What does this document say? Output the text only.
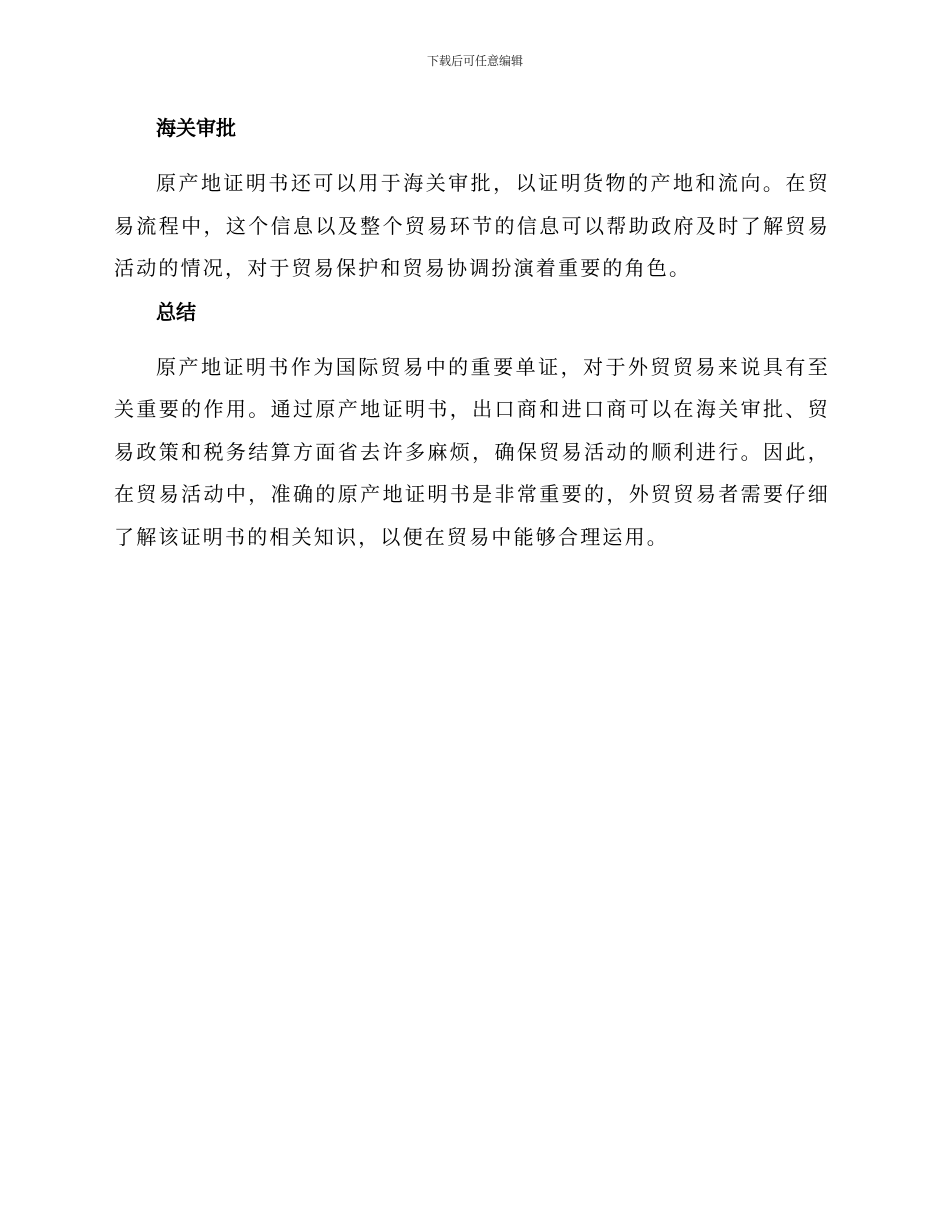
下载后可任意编辑
海关审批

原产地证明书还可以用于海关审批，以证明货物的产地和流向。在贸易流程中，这个信息以及整个贸易环节的信息可以帮助政府及时了解贸易活动的情况，对于贸易保护和贸易协调扮演着重要的角色。

总结

原产地证明书作为国际贸易中的重要单证，对于外贸贸易来说具有至关重要的作用。通过原产地证明书，出口商和进口商可以在海关审批、贸易政策和税务结算方面省去许多麻烦，确保贸易活动的顺利进行。因此，在贸易活动中，准确的原产地证明书是非常重要的，外贸贸易者需要仔细了解该证明书的相关知识，以便在贸易中能够合理运用。
